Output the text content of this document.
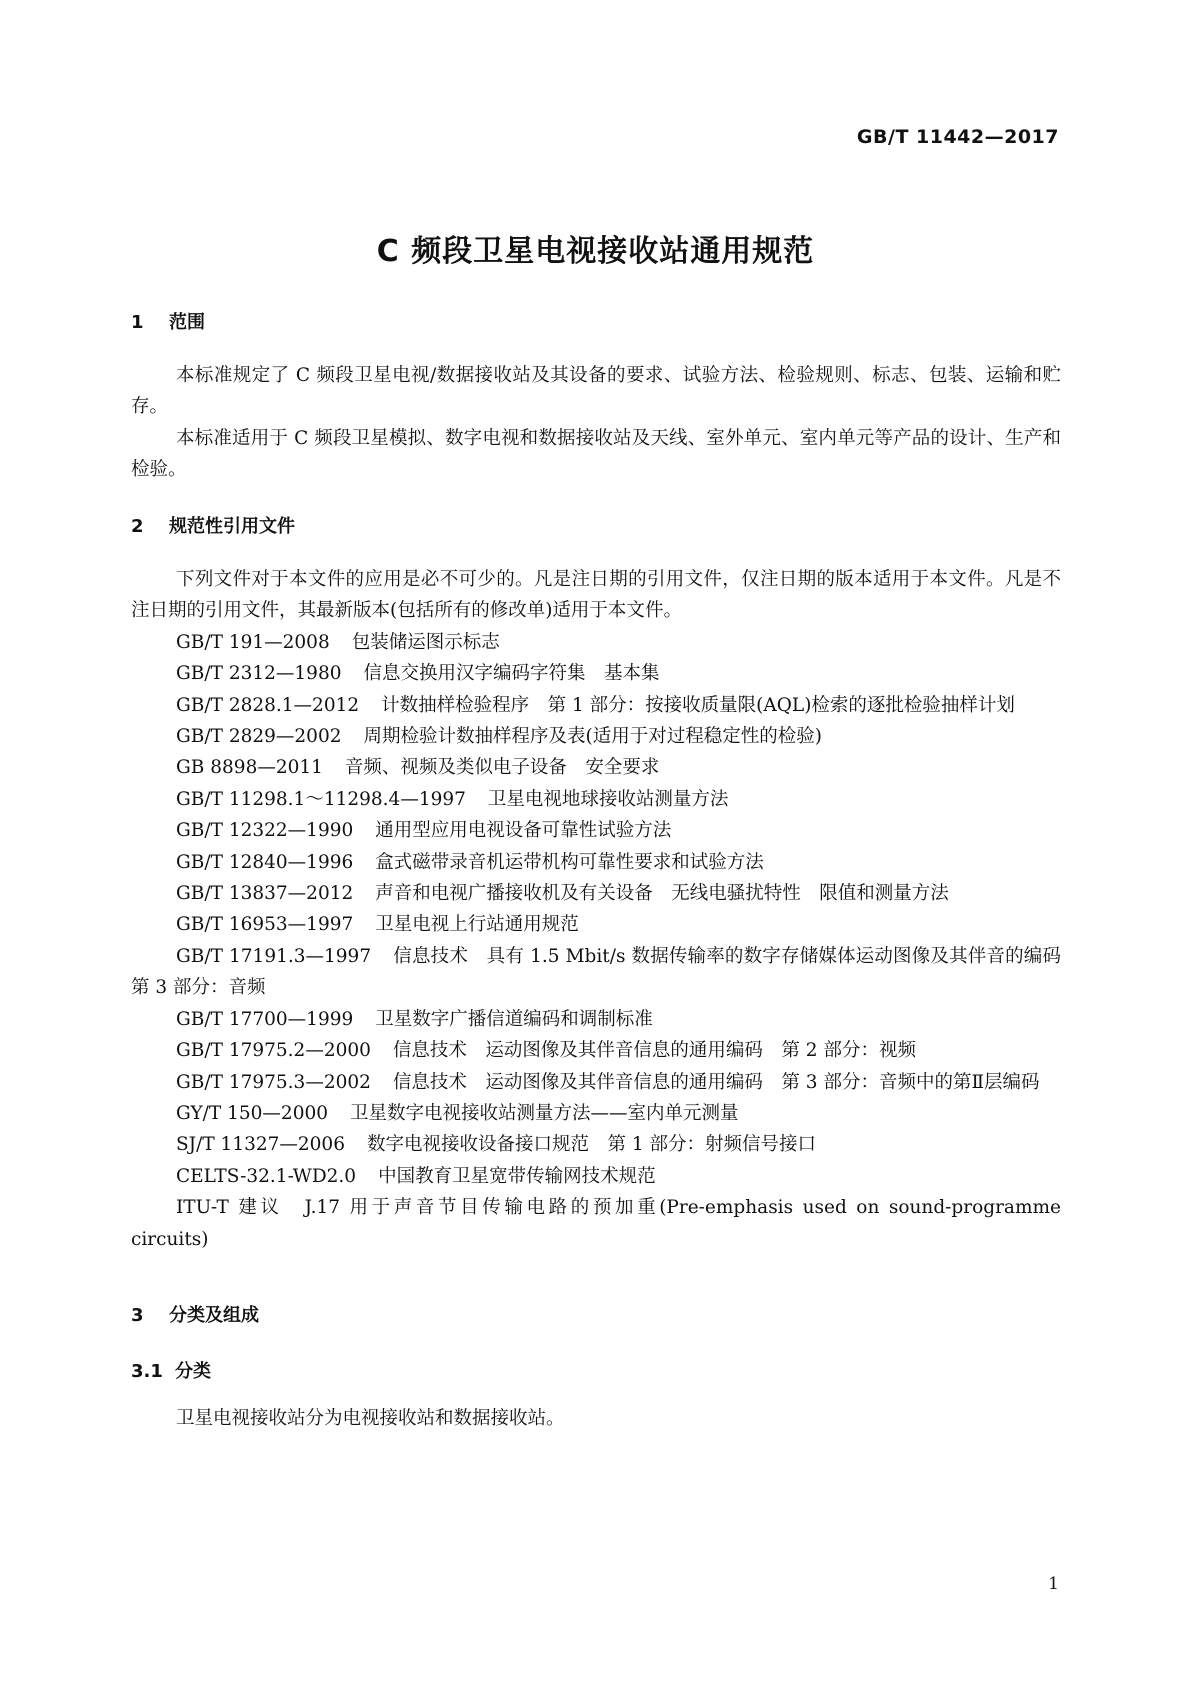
GB/T 11442—2017
C 频段卫星电视接收站通用规范
1 范围

本标准规定了 C 频段卫星电视/数据接收站及其设备的要求、试验方法、检验规则、标志、包装、运输和贮存。

本标准适用于 C 频段卫星模拟、数字电视和数据接收站及天线、室外单元、室内单元等产品的设计、生产和检验。

2 规范性引用文件

下列文件对于本文件的应用是必不可少的。凡是注日期的引用文件，仅注日期的版本适用于本文件。凡是不注日期的引用文件，其最新版本(包括所有的修改单)适用于本文件。

GB/T 191—2008 包装储运图示标志

GB/T 2312—1980 信息交换用汉字编码字符集　基本集

GB/T 2828.1—2012 计数抽样检验程序　第 1 部分：按接收质量限(AQL)检索的逐批检验抽样计划

GB/T 2829—2002 周期检验计数抽样程序及表(适用于对过程稳定性的检验)

GB 8898—2011 音频、视频及类似电子设备　安全要求

GB/T 11298.1～11298.4—1997 卫星电视地球接收站测量方法

GB/T 12322—1990 通用型应用电视设备可靠性试验方法

GB/T 12840—1996 盒式磁带录音机运带机构可靠性要求和试验方法

GB/T 13837—2012 声音和电视广播接收机及有关设备　无线电骚扰特性　限值和测量方法

GB/T 16953—1997 卫星电视上行站通用规范

GB/T 17191.3—1997 信息技术　具有 1.5 Mbit/s 数据传输率的数字存储媒体运动图像及其伴音的编码　第 3 部分：音频

GB/T 17700—1999 卫星数字广播信道编码和调制标准

GB/T 17975.2—2000 信息技术　运动图像及其伴音信息的通用编码　第 2 部分：视频

GB/T 17975.3—2002 信息技术　运动图像及其伴音信息的通用编码　第 3 部分：音频中的第Ⅱ层编码

GY/T 150—2000 卫星数字电视接收站测量方法——室内单元测量

SJ/T 11327—2006 数字电视接收设备接口规范　第 1 部分：射频信号接口

CELTS-32.1-WD2.0 中国教育卫星宽带传输网技术规范

ITU-T 建议 J.17 用于声音节目传输电路的预加重(Pre-emphasis used on sound-programme circuits)

3 分类及组成
3.1 分类

卫星电视接收站分为电视接收站和数据接收站。

1
